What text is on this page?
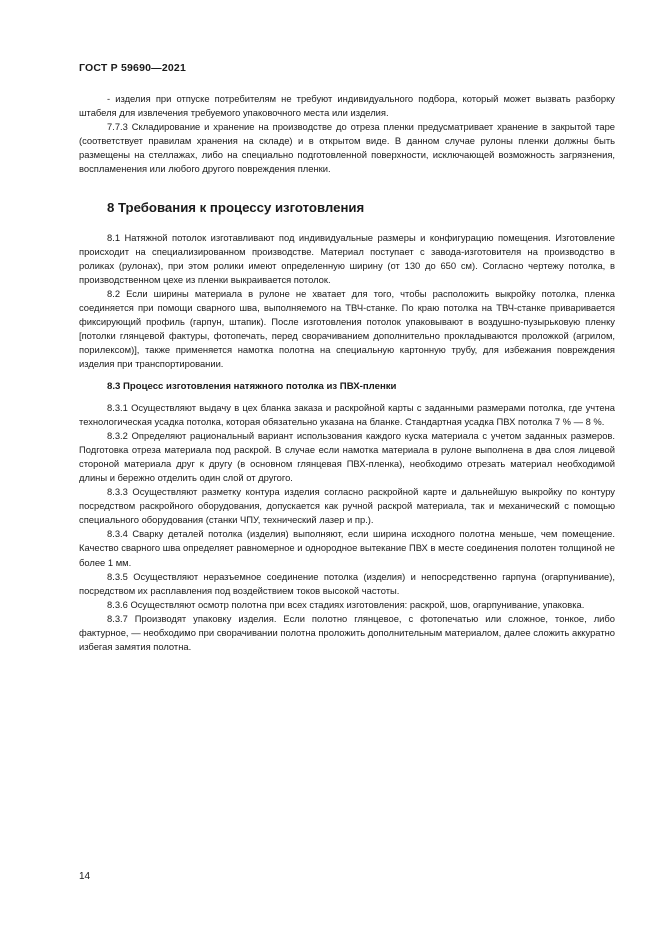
ГОСТ Р 59690—2021

- изделия при отпуске потребителям не требуют индивидуального подбора, который может вызвать разборку штабеля для извлечения требуемого упаковочного места или изделия.

7.7.3 Складирование и хранение на производстве до отреза пленки предусматривает хранение в закрытой таре (соответствует правилам хранения на складе) и в открытом виде. В данном случае рулоны пленки должны быть размещены на стеллажах, либо на специально подготовленной поверхности, исключающей возможность загрязнения, воспламенения или любого другого повреждения пленки.

8 Требования к процессу изготовления

8.1 Натяжной потолок изготавливают под индивидуальные размеры и конфигурацию помещения. Изготовление происходит на специализированном производстве. Материал поступает с завода-изготовителя на производство в роликах (рулонах), при этом ролики имеют определенную ширину (от 130 до 650 см). Согласно чертежу потолка, в производственном цехе из пленки выкраивается потолок.

8.2 Если ширины материала в рулоне не хватает для того, чтобы расположить выкройку потолка, пленка соединяется при помощи сварного шва, выполняемого на ТВЧ-станке. По краю потолка на ТВЧ-станке приваривается фиксирующий профиль (гарпун, штапик). После изготовления потолок упаковывают в воздушно-пузырьковую пленку [потолки глянцевой фактуры, фотопечать, перед сворачиванием дополнительно прокладываются проложкой (агрилом, порилексом)], также применяется намотка полотна на специальную картонную трубу, для избежания повреждения изделия при транспортировании.

8.3 Процесс изготовления натяжного потолка из ПВХ-пленки

8.3.1 Осуществляют выдачу в цех бланка заказа и раскройной карты с заданными размерами потолка, где учтена технологическая усадка потолка, которая обязательно указана на бланке. Стандартная усадка ПВХ потолка 7 % — 8 %.

8.3.2 Определяют рациональный вариант использования каждого куска материала с учетом заданных размеров. Подготовка отреза материала под раскрой. В случае если намотка материала в рулоне выполнена в два слоя лицевой стороной материала друг к другу (в основном глянцевая ПВХ-пленка), необходимо отрезать материал необходимой длины и бережно отделить один слой от другого.

8.3.3 Осуществляют разметку контура изделия согласно раскройной карте и дальнейшую выкройку по контуру посредством раскройного оборудования, допускается как ручной раскрой материала, так и механический с помощью специального оборудования (станки ЧПУ, технический лазер и пр.).

8.3.4 Сварку деталей потолка (изделия) выполняют, если ширина исходного полотна меньше, чем помещение. Качество сварного шва определяет равномерное и однородное вытекание ПВХ в месте соединения полотен толщиной не более 1 мм.

8.3.5 Осуществляют неразъемное соединение потолка (изделия) и непосредственно гарпуна (огарпунивание), посредством их расплавления под воздействием токов высокой частоты.

8.3.6 Осуществляют осмотр полотна при всех стадиях изготовления: раскрой, шов, огарпунивание, упаковка.

8.3.7 Производят упаковку изделия. Если полотно глянцевое, с фотопечатью или сложное, тонкое, либо фактурное, — необходимо при сворачивании полотна проложить дополнительным материалом, далее сложить аккуратно избегая замятия полотна.

14
